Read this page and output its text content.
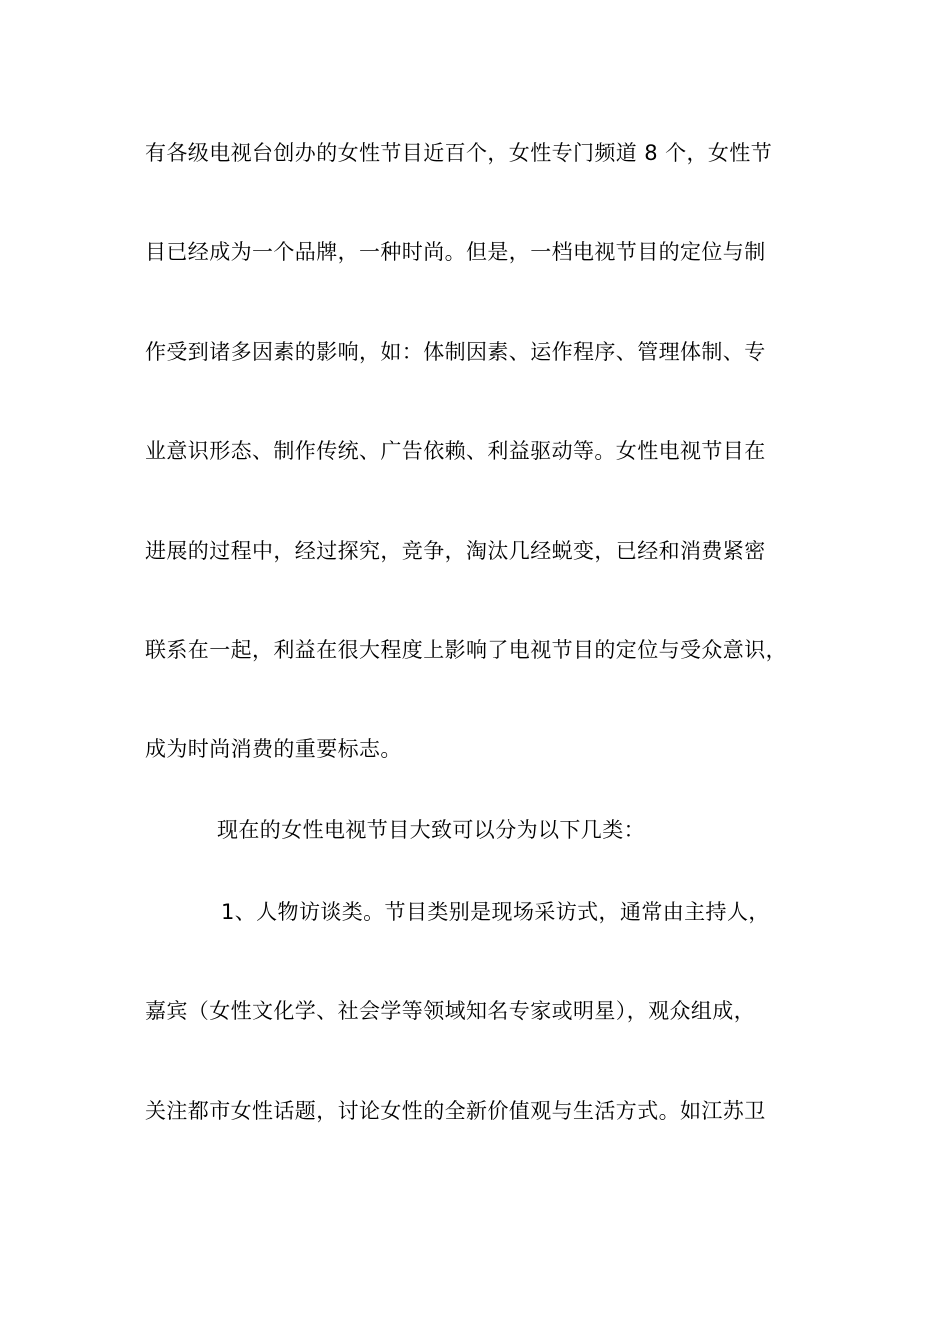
有各级电视台创办的女性节目近百个，女性专门频道 8 个，女性节
目已经成为一个品牌，一种时尚。但是，一档电视节目的定位与制
作受到诸多因素的影响，如：体制因素、运作程序、管理体制、专
业意识形态、制作传统、广告依赖、利益驱动等。女性电视节目在
进展的过程中，经过探究，竞争，淘汰几经蜕变，已经和消费紧密
联系在一起，利益在很大程度上影响了电视节目的定位与受众意识，
成为时尚消费的重要标志。
现在的女性电视节目大致可以分为以下几类：
1、人物访谈类。节目类别是现场采访式，通常由主持人，
嘉宾（女性文化学、社会学等领域知名专家或明星），观众组成，
关注都市女性话题，讨论女性的全新价值观与生活方式。如江苏卫
